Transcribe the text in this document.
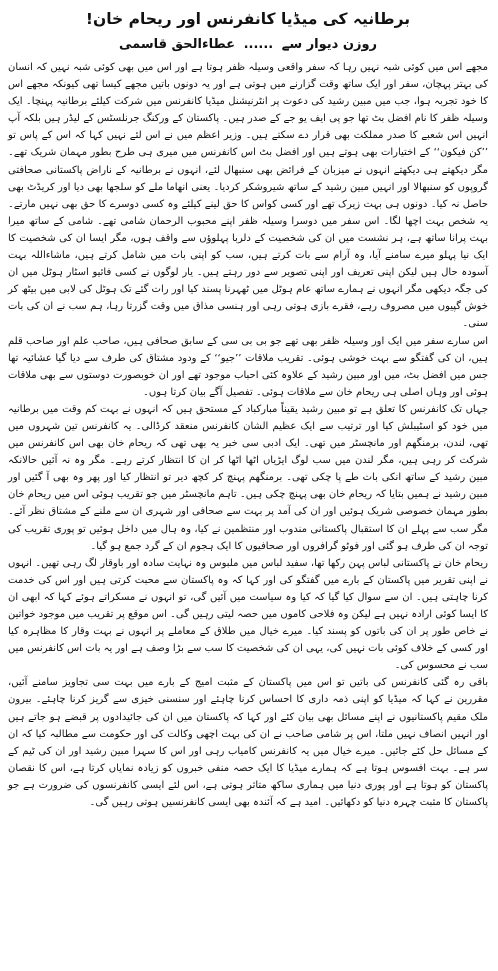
برطانیہ کی میڈیا کانفرنس اور ریحام خان!
روزن دیوار سے ...... عطاءالحق قاسمی

مجھے اس میں کوئی شبہ نہیں رہا کہ سفر واقعی وسیلہ ظفر ہوتا ہے اور اس میں بھی کوئی شبہ نہیں کہ انسان کی بہتر پہچان، سفر اور ایک ساتھ وقت گزارنے میں ہوتی ہے اور یہ دونوں باتیں مجھے کیسا تھی کیونکہ مجھے اس کا خود تجربہ ہوا، جب میں مبین رشید کی دعوت پر انٹرنیشنل میڈیا کانفرنس میں شرکت کیلئے برطانیہ پہنچا۔ ایک وسیلہ ظفر کا نام افضل بٹ تھا جو پی ایف یو جے کے صدر ہیں۔ پاکستان کے ورکنگ جرنلسٹس کے لیڈر ہیں بلکہ آپ انہیں اس شعبے کا صدر مملکت بھی قرار دے سکتے ہیں۔ وزیر اعظم میں نے اس لئے نہیں کہا کہ اس کے پاس تو ’’کن فیکون‘‘ کے اختیارات بھی ہوتے ہیں اور افضل بٹ اس کانفرنس میں میری ہی طرح بطور مہمان شریک تھے۔ مگر دیکھتے ہی دیکھتے انہوں نے میزبان کے فرائض بھی سنبھال لئے، انہوں نے برطانیہ کے ناراض پاکستانی صحافتی گروپوں کو سنبھالا اور انہیں مبین رشید کے ساتھ شیروشکر کردیا۔ یعنی انھاما ملے کو سلجھا بھی دیا اور کریڈٹ بھی حاصل نہ کیا۔ دونوں ہی بہت زیرک تھے اور کسی کواس کا حق لینے کیلئے وہ کسی دوسرے کا حق بھی نہیں مارتے۔ یہ شخص بہت اچھا لگا۔ اس سفر میں دوسرا وسیلہ ظفر اپنے محبوب الرحمان شامی تھے۔ شامی کے ساتھ میرا بہت پرانا ساتھ ہے، ہر نشست میں ان کی شخصیت کے دلربا پہلوؤں سے واقف ہوں، مگر ایسا ان کی شخصیت کا ایک نیا پہلو میرے سامنے آیا، وہ آرام سے بات کرتے ہیں، سب کو اپنی بات میں شامل کرتے ہیں، ماشاءاللہ بہت آسودہ حال ہیں لیکن اپنی تعریف اور اپنی تصویر سے دور رہتے ہیں۔ یار لوگوں نے کسی فائیو اسٹار ہوٹل میں ان کی جگہ دیکھی مگر انہوں نے ہمارے ساتھ عام ہوٹل میں ٹھہرنا پسند کیا اور رات گئے تک ہوٹل کی لابی میں بیٹھ کر خوش گپیوں میں مصروف رہے، فقرے بازی ہوتی رہی اور ہنسی مذاق میں وقت گزرتا رہا، ہم سب نے ان کی بات سنی۔

اس سارے سفر میں ایک اور وسیلہ ظفر بھی تھے جو بی بی سی کے سابق صحافی ہیں، صاحب علم اور صاحب قلم ہیں، ان کی گفتگو سے بہت خوشی ہوئی۔ تقریب ملاقات ’’جیو‘‘ کے ودود مشتاق کی طرف سے دیا گیا عشائیہ تھا جس میں افضل بٹ، میں اور مبین رشید کے علاوہ کئی احباب موجود تھے اور ان خوبصورت دوستوں سے بھی ملاقات ہوئی اور وہاں اصلی ہی ریحام خان سے ملاقات ہوئی۔ تفصیل آگے بیان کرتا ہوں۔

جہاں تک کانفرنس کا تعلق ہے تو مبین رشید یقیناً مبارکباد کے مستحق ہیں کہ انہوں نے بہت کم وقت میں برطانیہ میں خود کو اسٹیبلش کیا اور ترتیب سے ایک عظیم الشان کانفرنس منعقد کرڈالی۔ یہ کانفرنس تین شہروں میں تھی، لندن، برمنگھم اور مانچسٹر میں تھی۔ ایک ادبی سی خبر یہ بھی تھی کہ ریحام خان بھی اس کانفرنس میں شرکت کر رہی ہیں، مگر لندن میں سب لوگ ایڑیاں اٹھا اٹھا کر ان کا انتظار کرتے رہے۔ مگر وہ نہ آئیں حالانکہ مبین رشید کے ساتھ انکی بات طے پا چکی تھی۔ برمنگھم پہنچ کر کچھ دیر تو انتظار کیا اور پھر وہ بھی آ گئیں اور مبین رشید نے ہمیں بتایا کہ ریحام خان بھی پہنچ چکی ہیں۔ تاہم مانچسٹر میں جو تقریب ہوئی اس میں ریحام خان بطور مہمان خصوصی شریک ہوئیں اور ان کی آمد پر بہت سے صحافی اور شہری ان سے ملنے کے مشتاق نظر آئے۔ مگر سب سے پہلے ان کا استقبال پاکستانی مندوب اور منتظمین نے کیا، وہ ہال میں داخل ہوئیں تو پوری تقریب کی توجہ ان کی طرف ہو گئی اور فوٹو گرافروں اور صحافیوں کا ایک ہجوم ان کے گرد جمع ہو گیا۔

ریحام خان نے پاکستانی لباس پہن رکھا تھا، سفید لباس میں ملبوس وہ نہایت سادہ اور باوقار لگ رہی تھیں۔ انہوں نے اپنی تقریر میں پاکستان کے بارے میں گفتگو کی اور کہا کہ وہ پاکستان سے محبت کرتی ہیں اور اس کی خدمت کرنا چاہتی ہیں۔ ان سے سوال کیا گیا کہ کیا وہ سیاست میں آئیں گی، تو انہوں نے مسکراتے ہوئے کہا کہ ابھی ان کا ایسا کوئی ارادہ نہیں ہے لیکن وہ فلاحی کاموں میں حصہ لیتی رہیں گی۔ اس موقع پر تقریب میں موجود خواتین نے خاص طور پر ان کی باتوں کو پسند کیا۔ میرے خیال میں طلاق کے معاملے پر انہوں نے بہت وقار کا مظاہرہ کیا اور کسی کے خلاف کوئی بات نہیں کی، یہی ان کی شخصیت کا سب سے بڑا وصف ہے اور یہ بات اس کانفرنس میں سب نے محسوس کی۔

باقی رہ گئی کانفرنس کی باتیں تو اس میں پاکستان کے مثبت امیج کے بارے میں بہت سی تجاویز سامنے آئیں، مقررین نے کہا کہ میڈیا کو اپنی ذمہ داری کا احساس کرنا چاہئے اور سنسنی خیزی سے گریز کرنا چاہئے۔ بیرون ملک مقیم پاکستانیوں نے اپنے مسائل بھی بیان کئے اور کہا کہ پاکستان میں ان کی جائیدادوں پر قبضے ہو جاتے ہیں اور انہیں انصاف نہیں ملتا، اس پر شامی صاحب نے ان کی بہت اچھی وکالت کی اور حکومت سے مطالبہ کیا کہ ان کے مسائل حل کئے جائیں۔ میرے خیال میں یہ کانفرنس کامیاب رہی اور اس کا سہرا مبین رشید اور ان کی ٹیم کے سر ہے۔ بہت افسوس ہوتا ہے کہ ہمارے میڈیا کا ایک حصہ منفی خبروں کو زیادہ نمایاں کرتا ہے، اس کا نقصان پاکستان کو ہوتا ہے اور پوری دنیا میں ہماری ساکھ متاثر ہوتی ہے، اس لئے ایسی کانفرنسوں کی ضرورت ہے جو پاکستان کا مثبت چہرہ دنیا کو دکھائیں۔ امید ہے کہ آئندہ بھی ایسی کانفرنسیں ہوتی رہیں گی۔
